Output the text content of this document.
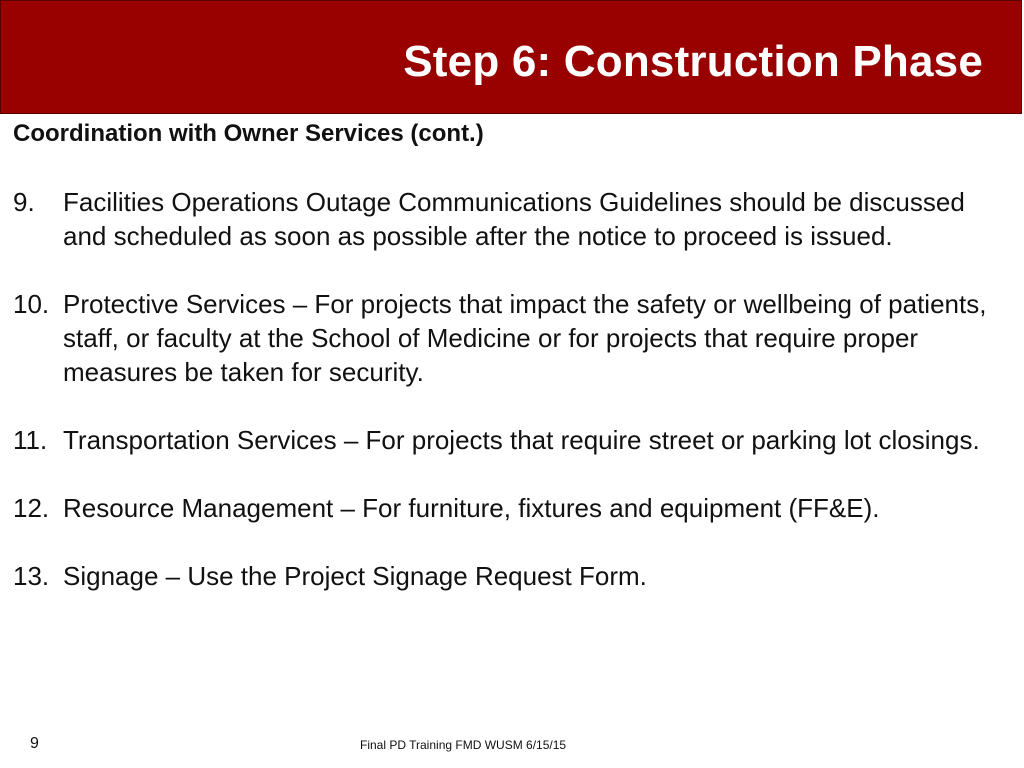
Step 6: Construction Phase

Coordination with Owner Services (cont.)

9.	Facilities Operations Outage Communications Guidelines should be discussed and scheduled as soon as possible after the notice to proceed is issued.
10. Protective Services – For projects that impact the safety or wellbeing of patients, staff, or faculty at the School of Medicine or for projects that require proper measures be taken for security.
11. Transportation Services – For projects that require street or parking lot closings.
12. Resource Management – For furniture, fixtures and equipment (FF&E).
13. Signage – Use the Project Signage Request Form.
9	Final PD Training FMD WUSM 6/15/15
